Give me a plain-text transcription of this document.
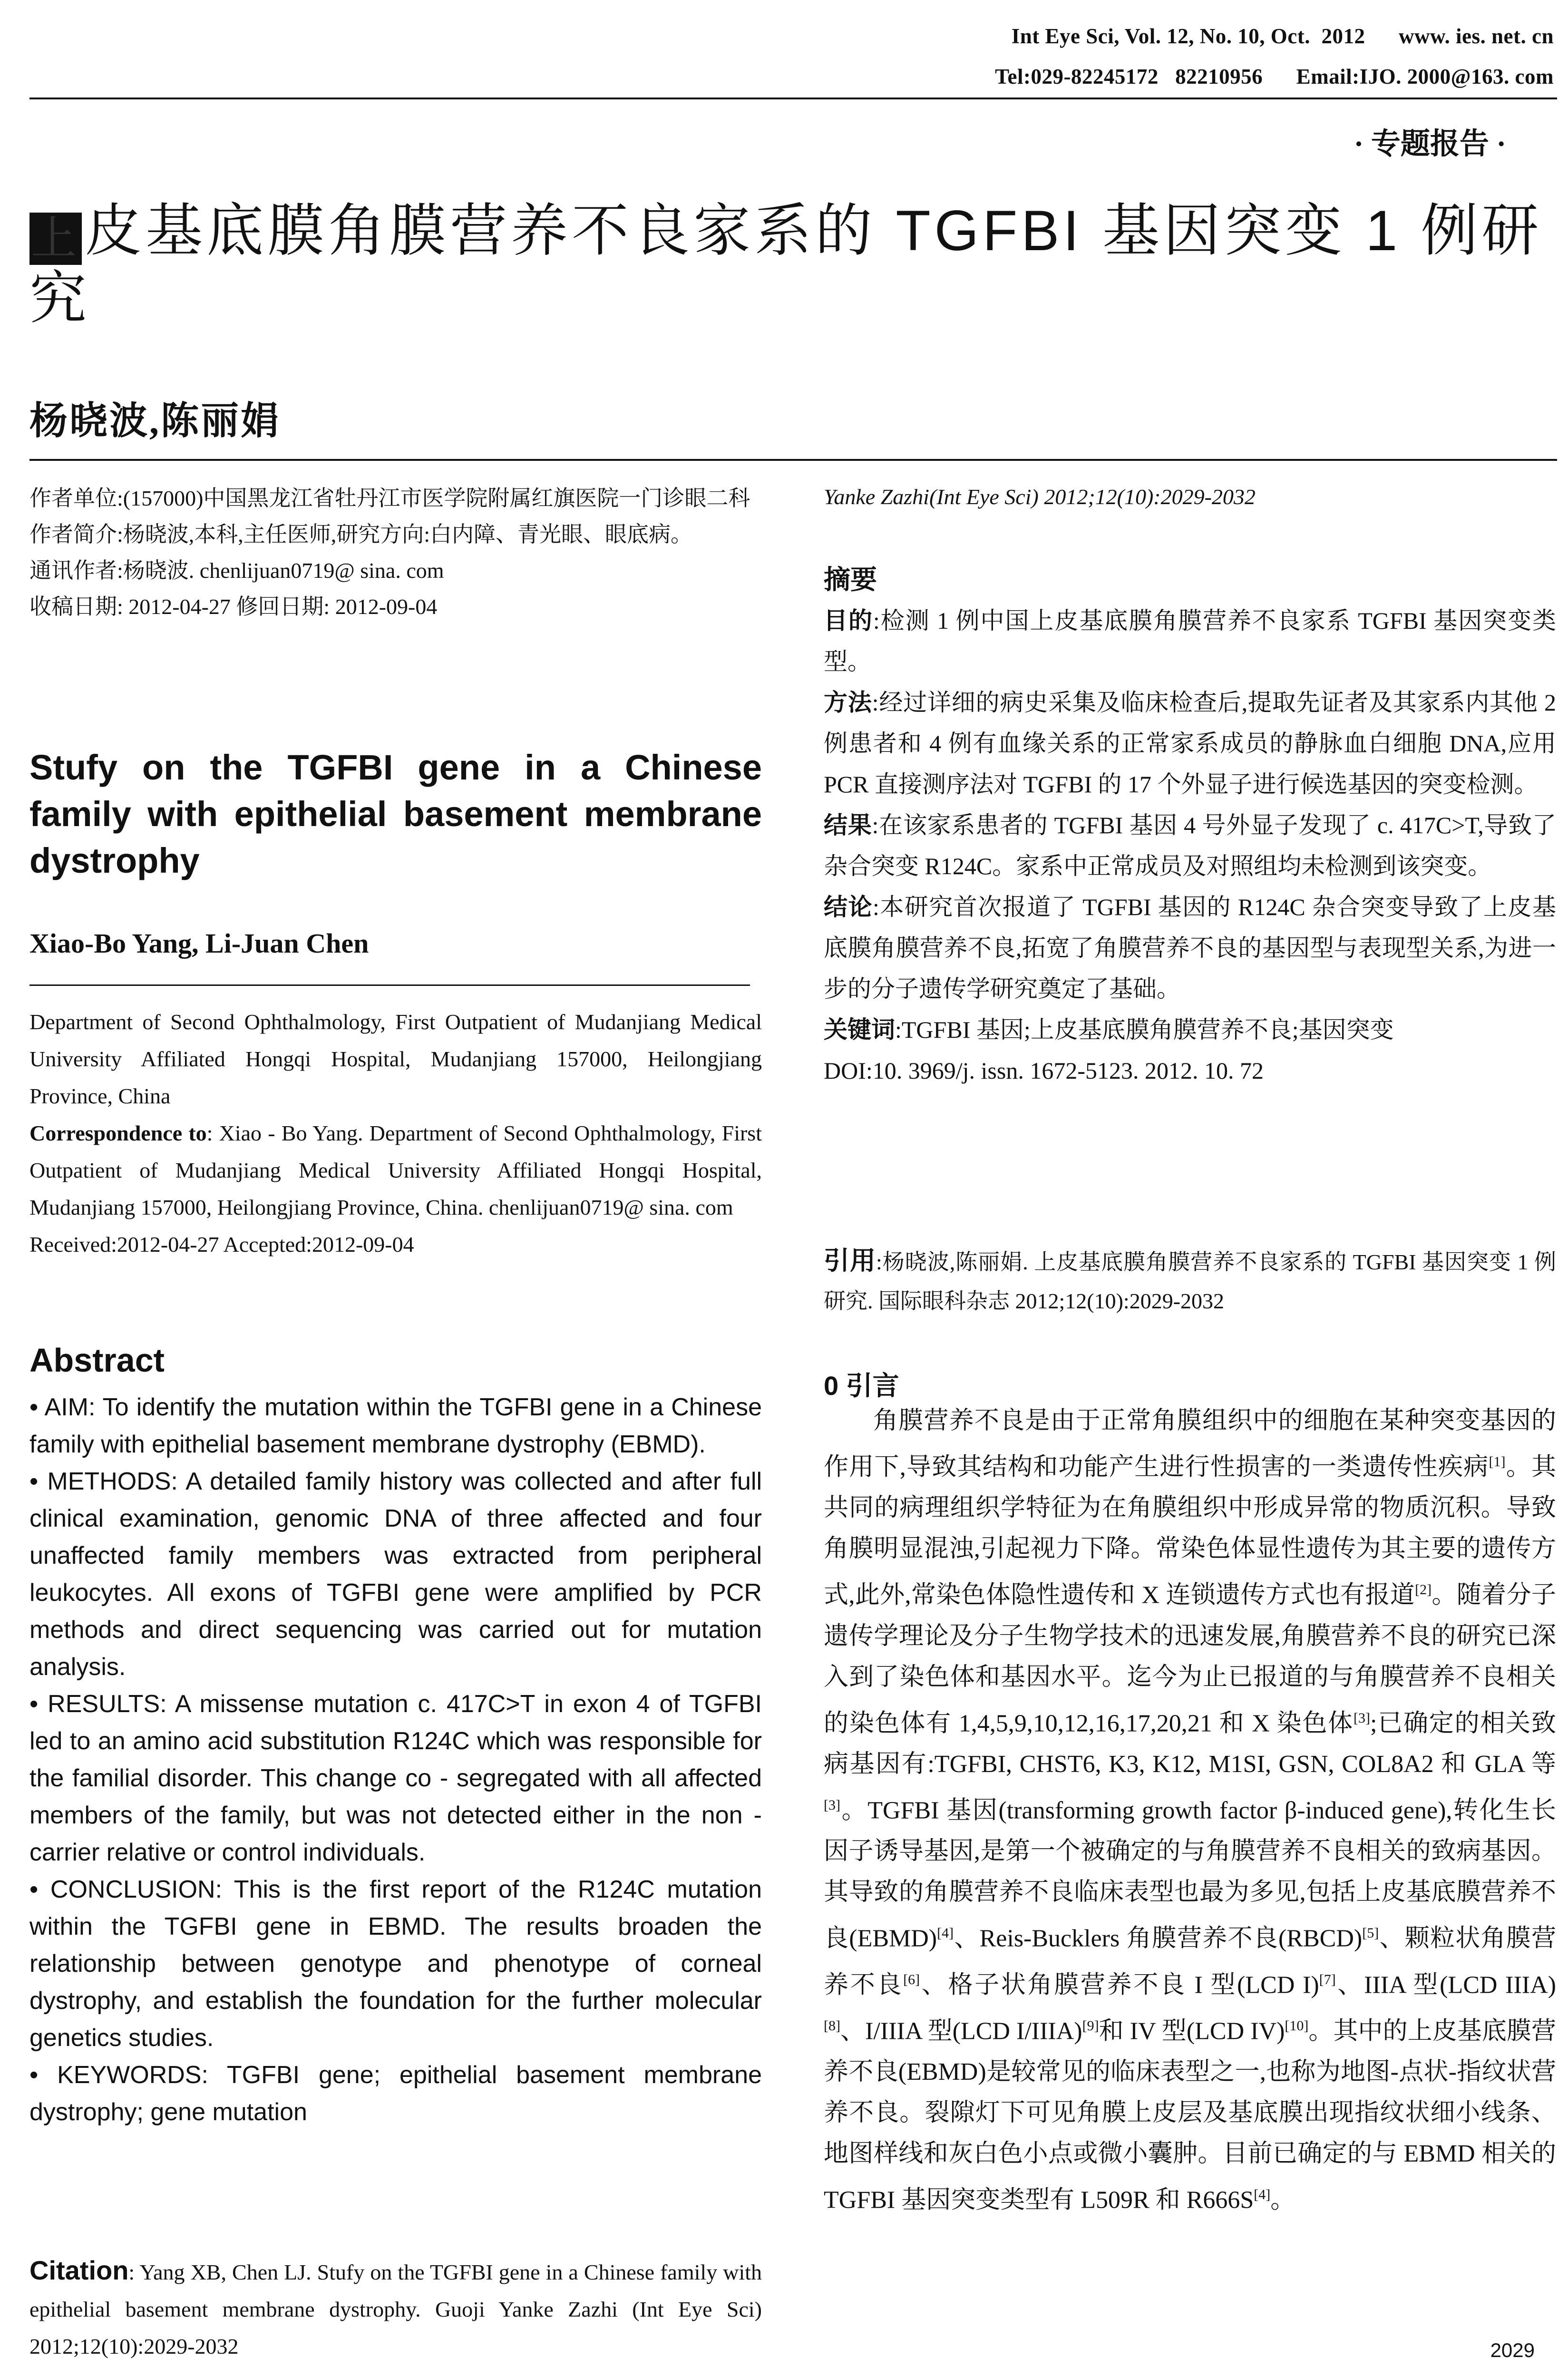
Int Eye Sci, Vol. 12, No. 10, Oct.  2012      www. ies. net. cn
Tel:029-82245172   82210956      Email:IJO. 2000@163. com
· 专题报告 ·
上 皮基底膜角膜营养不良家系的 TGFBI 基因突变 1 例研究
杨晓波,陈丽娟

作者单位:(157000)中国黑龙江省牡丹江市医学院附属红旗医院一门诊眼二科

作者简介:杨晓波,本科,主任医师,研究方向:白内障、青光眼、眼底病。

通讯作者:杨晓波. chenlijuan0719@ sina. com

收稿日期: 2012-04-27 修回日期: 2012-09-04

Stufy on the TGFBI gene in a Chinese family with epithelial basement membrane dystrophy
Xiao-Bo Yang, Li-Juan Chen

Department of Second Ophthalmology, First Outpatient of Mudanjiang Medical University Affiliated Hongqi Hospital, Mudanjiang 157000, Heilongjiang Province, China

Correspondence to: Xiao - Bo Yang. Department of Second Ophthalmology, First Outpatient of Mudanjiang Medical University Affiliated Hongqi Hospital, Mudanjiang 157000, Heilongjiang Province, China. chenlijuan0719@ sina. com

Received:2012-04-27 Accepted:2012-09-04

Abstract

• AIM: To identify the mutation within the TGFBI gene in a Chinese family with epithelial basement membrane dystrophy (EBMD).

• METHODS: A detailed family history was collected and after full clinical examination, genomic DNA of three affected and four unaffected family members was extracted from peripheral leukocytes. All exons of TGFBI gene were amplified by PCR methods and direct sequencing was carried out for mutation analysis.

• RESULTS: A missense mutation c. 417C>T in exon 4 of TGFBI led to an amino acid substitution R124C which was responsible for the familial disorder. This change co - segregated with all affected members of the family, but was not detected either in the non - carrier relative or control individuals.

• CONCLUSION: This is the first report of the R124C mutation within the TGFBI gene in EBMD. The results broaden the relationship between genotype and phenotype of corneal dystrophy, and establish the foundation for the further molecular genetics studies.

• KEYWORDS: TGFBI gene; epithelial basement membrane dystrophy; gene mutation

Citation: Yang XB, Chen LJ. Stufy on the TGFBI gene in a Chinese family with epithelial basement membrane dystrophy. Guoji Yanke Zazhi (Int Eye Sci) 2012;12(10):2029-2032
Yanke Zazhi(Int Eye Sci) 2012;12(10):2029-2032
摘要

目的:检测 1 例中国上皮基底膜角膜营养不良家系 TGFBI 基因突变类型。

方法:经过详细的病史采集及临床检查后,提取先证者及其家系内其他 2 例患者和 4 例有血缘关系的正常家系成员的静脉血白细胞 DNA,应用 PCR 直接测序法对 TGFBI 的 17 个外显子进行候选基因的突变检测。

结果:在该家系患者的 TGFBI 基因 4 号外显子发现了 c. 417C>T,导致了杂合突变 R124C。家系中正常成员及对照组均未检测到该突变。

结论:本研究首次报道了 TGFBI 基因的 R124C 杂合突变导致了上皮基底膜角膜营养不良,拓宽了角膜营养不良的基因型与表现型关系,为进一步的分子遗传学研究奠定了基础。

关键词:TGFBI 基因;上皮基底膜角膜营养不良;基因突变

DOI:10. 3969/j. issn. 1672-5123. 2012. 10. 72

引用:杨晓波,陈丽娟. 上皮基底膜角膜营养不良家系的 TGFBI 基因突变 1 例研究. 国际眼科杂志 2012;12(10):2029-2032
0 引言

角膜营养不良是由于正常角膜组织中的细胞在某种突变基因的作用下,导致其结构和功能产生进行性损害的一类遗传性疾病[1]。其共同的病理组织学特征为在角膜组织中形成异常的物质沉积。导致角膜明显混浊,引起视力下降。常染色体显性遗传为其主要的遗传方式,此外,常染色体隐性遗传和 X 连锁遗传方式也有报道[2]。随着分子遗传学理论及分子生物学技术的迅速发展,角膜营养不良的研究已深入到了染色体和基因水平。迄今为止已报道的与角膜营养不良相关的染色体有 1,4,5,9,10,12,16,17,20,21 和 X 染色体[3];已确定的相关致病基因有:TGFBI, CHST6, K3, K12, M1SI, GSN, COL8A2 和 GLA 等[3]。TGFBI 基因(transforming growth factor β-induced gene),转化生长因子诱导基因,是第一个被确定的与角膜营养不良相关的致病基因。其导致的角膜营养不良临床表型也最为多见,包括上皮基底膜营养不良(EBMD)[4]、Reis-Bucklers 角膜营养不良(RBCD)[5]、颗粒状角膜营养不良[6]、格子状角膜营养不良 I 型(LCD I)[7]、IIIA 型(LCD IIIA)[8]、I/IIIA 型(LCD I/IIIA)[9]和 IV 型(LCD IV)[10]。其中的上皮基底膜营养不良(EBMD)是较常见的临床表型之一,也称为地图-点状-指纹状营养不良。裂隙灯下可见角膜上皮层及基底膜出现指纹状细小线条、地图样线和灰白色小点或微小囊肿。目前已确定的与 EBMD 相关的 TGFBI 基因突变类型有 L509R 和 R666S[4]。

2029
